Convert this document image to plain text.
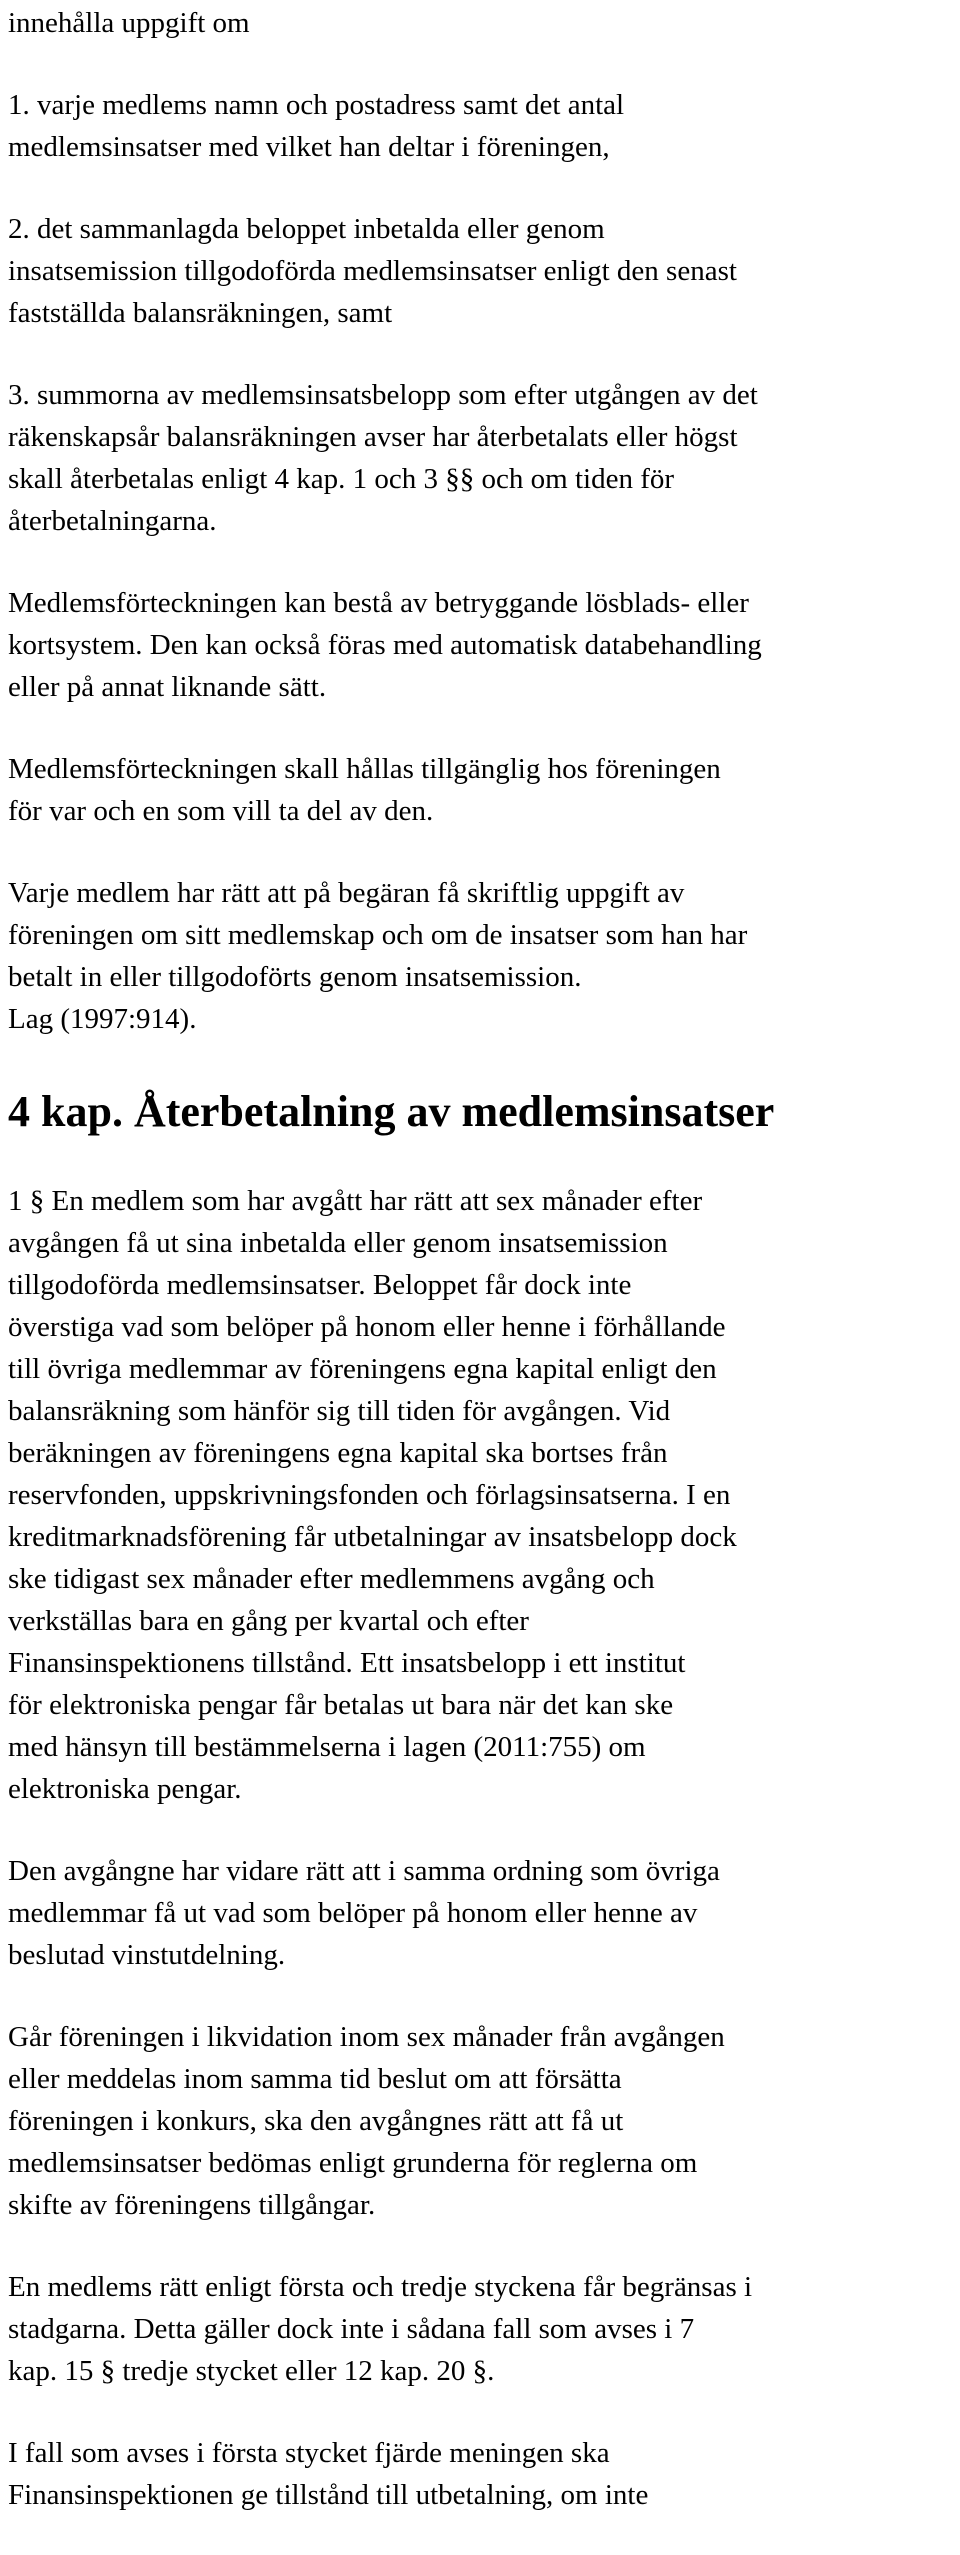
innehålla uppgift om
1. varje medlems namn och postadress samt det antal
medlemsinsatser med vilket han deltar i föreningen,
2. det sammanlagda beloppet inbetalda eller genom
insatsemission tillgodoförda medlemsinsatser enligt den senast
fastställda balansräkningen, samt
3. summorna av medlemsinsatsbelopp som efter utgången av det
räkenskapsår balansräkningen avser har återbetalats eller högst
skall återbetalas enligt 4 kap. 1 och 3 §§ och om tiden för
återbetalningarna.
Medlemsförteckningen kan bestå av betryggande lösblads- eller
kortsystem. Den kan också föras med automatisk databehandling
eller på annat liknande sätt.
Medlemsförteckningen skall hållas tillgänglig hos föreningen
för var och en som vill ta del av den.
Varje medlem har rätt att på begäran få skriftlig uppgift av
föreningen om sitt medlemskap och om de insatser som han har
betalt in eller tillgodoförts genom insatsemission.
Lag (1997:914).
4 kap. Återbetalning av medlemsinsatser
1 § En medlem som har avgått har rätt att sex månader efter
avgången få ut sina inbetalda eller genom insatsemission
tillgodoförda medlemsinsatser. Beloppet får dock inte
överstiga vad som belöper på honom eller henne i förhållande
till övriga medlemmar av föreningens egna kapital enligt den
balansräkning som hänför sig till tiden för avgången. Vid
beräkningen av föreningens egna kapital ska bortses från
reservfonden, uppskrivningsfonden och förlagsinsatserna. I en
kreditmarknadsförening får utbetalningar av insatsbelopp dock
ske tidigast sex månader efter medlemmens avgång och
verkställas bara en gång per kvartal och efter
Finansinspektionens tillstånd. Ett insatsbelopp i ett institut
för elektroniska pengar får betalas ut bara när det kan ske
med hänsyn till bestämmelserna i lagen (2011:755) om
elektroniska pengar.
Den avgångne har vidare rätt att i samma ordning som övriga
medlemmar få ut vad som belöper på honom eller henne av
beslutad vinstutdelning.
Går föreningen i likvidation inom sex månader från avgången
eller meddelas inom samma tid beslut om att försätta
föreningen i konkurs, ska den avgångnes rätt att få ut
medlemsinsatser bedömas enligt grunderna för reglerna om
skifte av föreningens tillgångar.
En medlems rätt enligt första och tredje styckena får begränsas i
stadgarna. Detta gäller dock inte i sådana fall som avses i 7
kap. 15 § tredje stycket eller 12 kap. 20 §.
I fall som avses i första stycket fjärde meningen ska
Finansinspektionen ge tillstånd till utbetalning, om inte
